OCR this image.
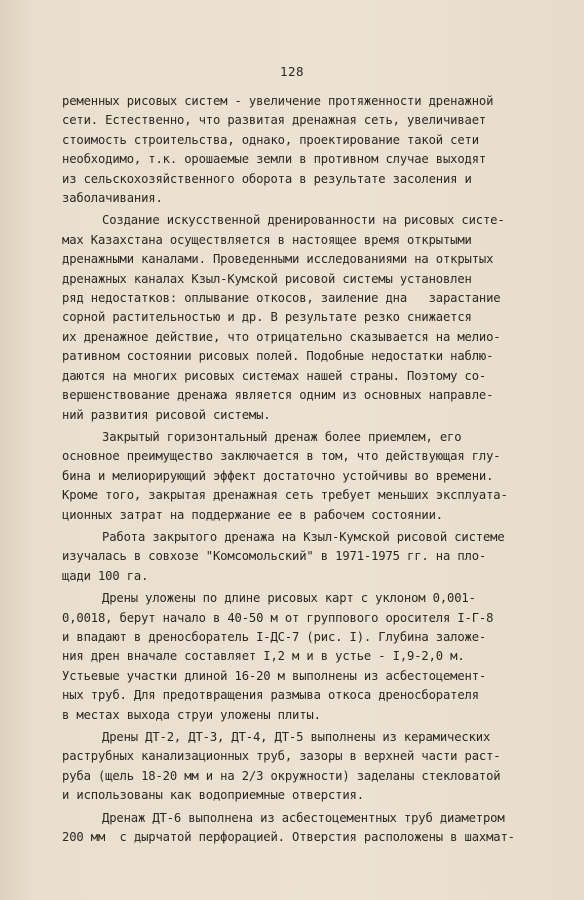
128
ременных рисовых систем - увеличение протяженности дренажной
сети. Естественно, что развитая дренажная сеть, увеличивает
стоимость строительства, однако, проектирование такой сети
необходимо, т.к. орошаемые земли в противном случае выходят
из сельскохозяйственного оборота в результате засоления и
заболачивания.
Создание искусственной дренированности на рисовых систе-
мах Казахстана осуществляется в настоящее время открытыми
дренажными каналами. Проведенными исследованиями на открытых
дренажных каналах Кзыл-Кумской рисовой системы установлен
ряд недостатков: оплывание откосов, заиление дна   зарастание
сорной растительностью и др. В результате резко снижается
их дренажное действие, что отрицательно сказывается на мелио-
ративном состоянии рисовых полей. Подобные недостатки наблю-
даются на многих рисовых системах нашей страны. Поэтому со-
вершенствование дренажа является одним из основных направле-
ний развития рисовой системы.
Закрытый горизонтальный дренаж более приемлем, его
основное преимущество заключается в том, что действующая глу-
бина и мелиорирующий эффект достаточно устойчивы во времени.
Кроме того, закрытая дренажная сеть требует меньших эксплуата-
ционных затрат на поддержание ее в рабочем состоянии.
Работа закрытого дренажа на Кзыл-Кумской рисовой системе
изучалась в совхозе "Комсомольский" в 1971-1975 гг. на пло-
щади 100 га.
Дрены уложены по длине рисовых карт с уклоном 0,001-
0,0018, берут начало в 40-50 м от группового оросителя I-Г-8
и впадают в дреносборатель I-ДС-7 (рис. I). Глубина заложе-
ния дрен вначале составляет I,2 м и в устье - I,9-2,0 м.
Устьевые участки длиной 16-20 м выполнены из асбестоцемент-
ных труб. Для предотвращения размыва откоса дреносборателя
в местах выхода струи уложены плиты.
Дрены ДТ-2, ДТ-3, ДТ-4, ДТ-5 выполнены из керамических
раструбных канализационных труб, зазоры в верхней части раст-
руба (щель 18-20 мм и на 2/3 окружности) заделаны стекловатой
и использованы как водоприемные отверстия.
Дренаж ДТ-6 выполнена из асбестоцементных труб диаметром
200 мм  с дырчатой перфорацией. Отверстия расположены в шахмат-
